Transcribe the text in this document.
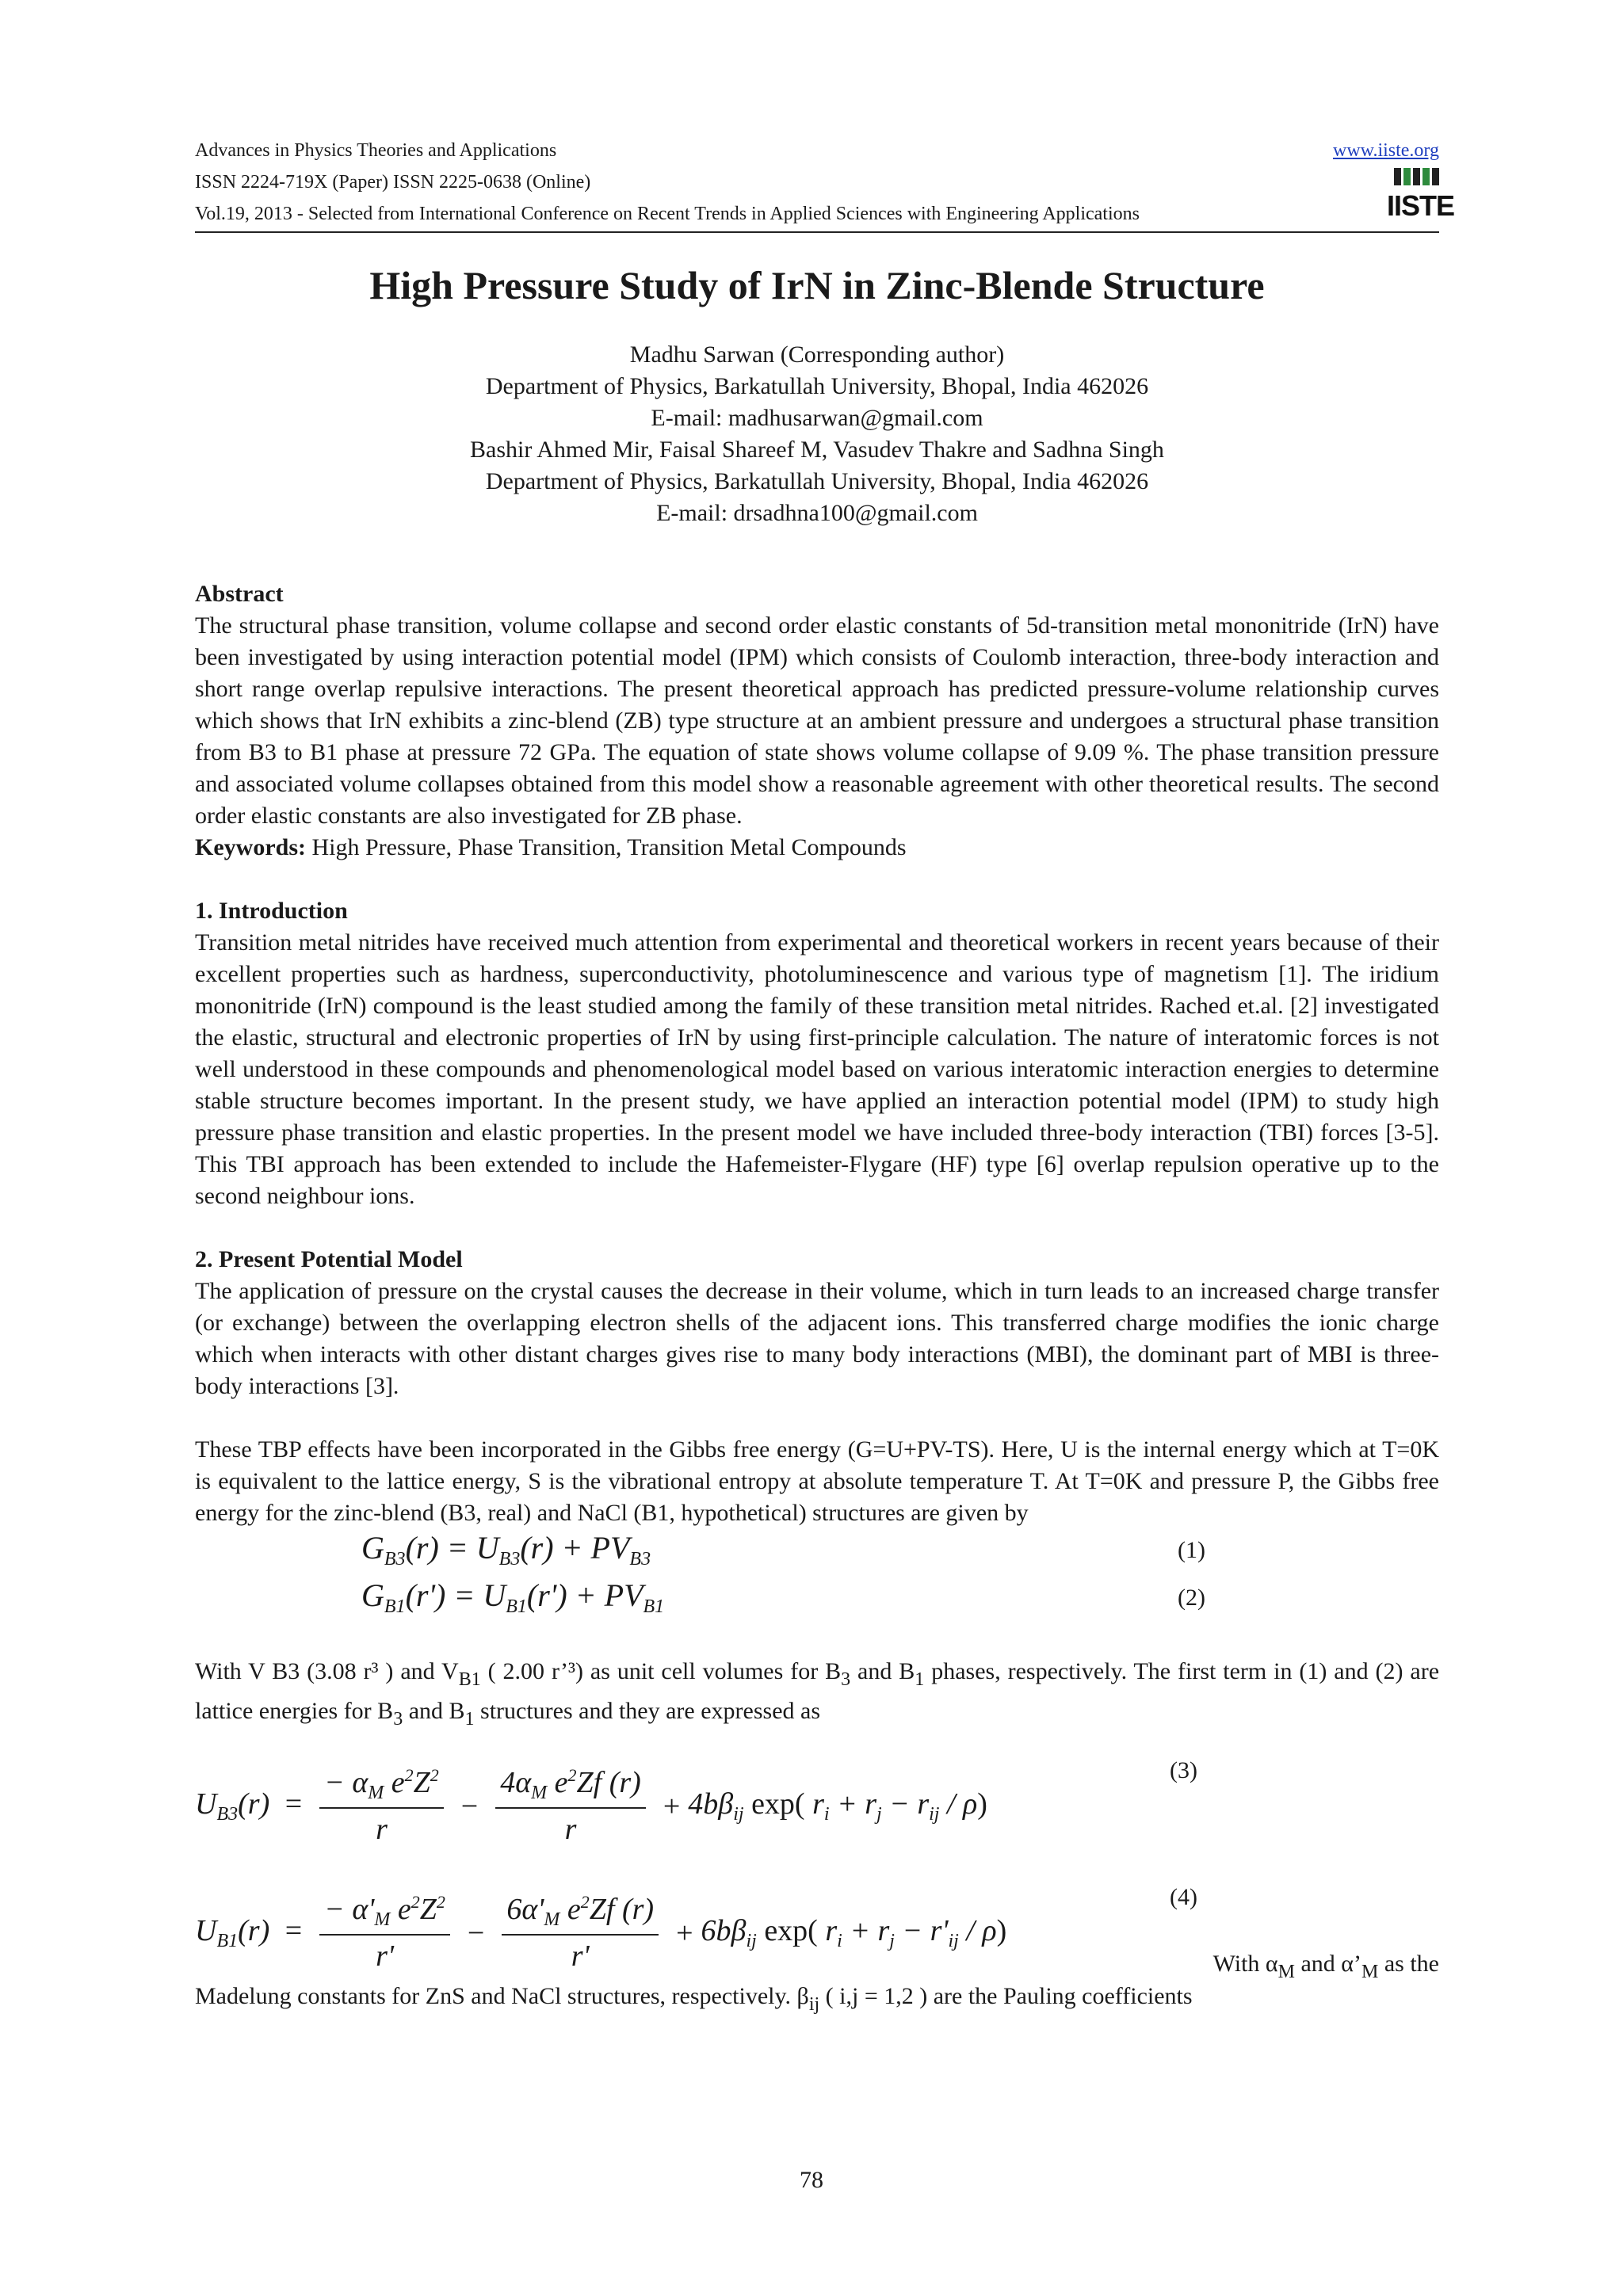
Advances in Physics Theories and Applications	www.iiste.org
ISSN 2224-719X (Paper) ISSN 2225-0638 (Online)
Vol.19, 2013 - Selected from International Conference on Recent Trends in Applied Sciences with Engineering Applications	IISTE
High Pressure Study of IrN in Zinc-Blende Structure
Madhu Sarwan (Corresponding author)
Department of Physics, Barkatullah University, Bhopal, India 462026
E-mail: madhusarwan@gmail.com
Bashir Ahmed Mir, Faisal Shareef M, Vasudev Thakre and Sadhna Singh
Department of Physics, Barkatullah University, Bhopal, India 462026
E-mail: drsadhna100@gmail.com
Abstract
The structural phase transition, volume collapse and second order elastic constants of 5d-transition metal mononitride (IrN) have been investigated by using interaction potential model (IPM) which consists of Coulomb interaction, three-body interaction and short range overlap repulsive interactions. The present theoretical approach has predicted pressure-volume relationship curves which shows that IrN exhibits a zinc-blend (ZB) type structure at an ambient pressure and undergoes a structural phase transition from B3 to B1 phase at pressure 72 GPa. The equation of state shows volume collapse of 9.09 %. The phase transition pressure and associated volume collapses obtained from this model show a reasonable agreement with other theoretical results. The second order elastic constants are also investigated for ZB phase.
Keywords: High Pressure, Phase Transition, Transition Metal Compounds
1. Introduction
Transition metal nitrides have received much attention from experimental and theoretical workers in recent years because of their excellent properties such as hardness, superconductivity, photoluminescence and various type of magnetism [1]. The iridium mononitride (IrN) compound is the least studied among the family of these transition metal nitrides. Rached et.al. [2] investigated the elastic, structural and electronic properties of IrN by using first-principle calculation. The nature of interatomic forces is not well understood in these compounds and phenomenological model based on various interatomic interaction energies to determine stable structure becomes important. In the present study, we have applied an interaction potential model (IPM) to study high pressure phase transition and elastic properties. In the present model we have included three-body interaction (TBI) forces [3-5]. This TBI approach has been extended to include the Hafemeister-Flygare (HF) type [6] overlap repulsion operative up to the second neighbour ions.
2. Present Potential Model
The application of pressure on the crystal causes the decrease in their volume, which in turn leads to an increased charge transfer (or exchange) between the overlapping electron shells of the adjacent ions. This transferred charge modifies the ionic charge which when interacts with other distant charges gives rise to many body interactions (MBI), the dominant part of MBI is three-body interactions [3].
These TBP effects have been incorporated in the Gibbs free energy (G=U+PV-TS). Here, U is the internal energy which at T=0K is equivalent to the lattice energy, S is the vibrational entropy at absolute temperature T. At T=0K and pressure P, the Gibbs free energy for the zinc-blend (B3, real) and NaCl (B1, hypothetical) structures are given by
$G_{B3}(r) = U_{B3}(r) + PV_{B3}$	(1)
$G_{B1}(r') = U_{B1}(r') + PV_{B1}$	(2)
With V B3 (3.08 r³ ) and $V_{B1}$ ( 2.00 r’³) as unit cell volumes for $B_3$ and $B_1$ phases, respectively. The first term in (1) and (2) are lattice energies for $B_3$ and $B_1$ structures and they are expressed as
$U_{B3}(r) = \frac{- \alpha_M e^2Z^2}{r} - \frac{4\alpha_M e^2Zf (r)}{r} + 4b\beta_{ij}$ exp( $r_i + r_j - r_{ij} / \rho$)
(3)
$U_{B1}(r) = \frac{- \alpha'_M e^2Z^2}{r'} - \frac{6\alpha'_M e^2Zf (r)}{r'} + 6b\beta_{ij}$ exp( $r_i + r_j - r'_{ij} / \rho$)
(4)
With $\alpha_M$ and $\alpha’_M$ as the
Madelung constants for ZnS and NaCl structures, respectively. $\beta_{ij}$ ( i,j = 1,2 ) are the Pauling coefficients
78
